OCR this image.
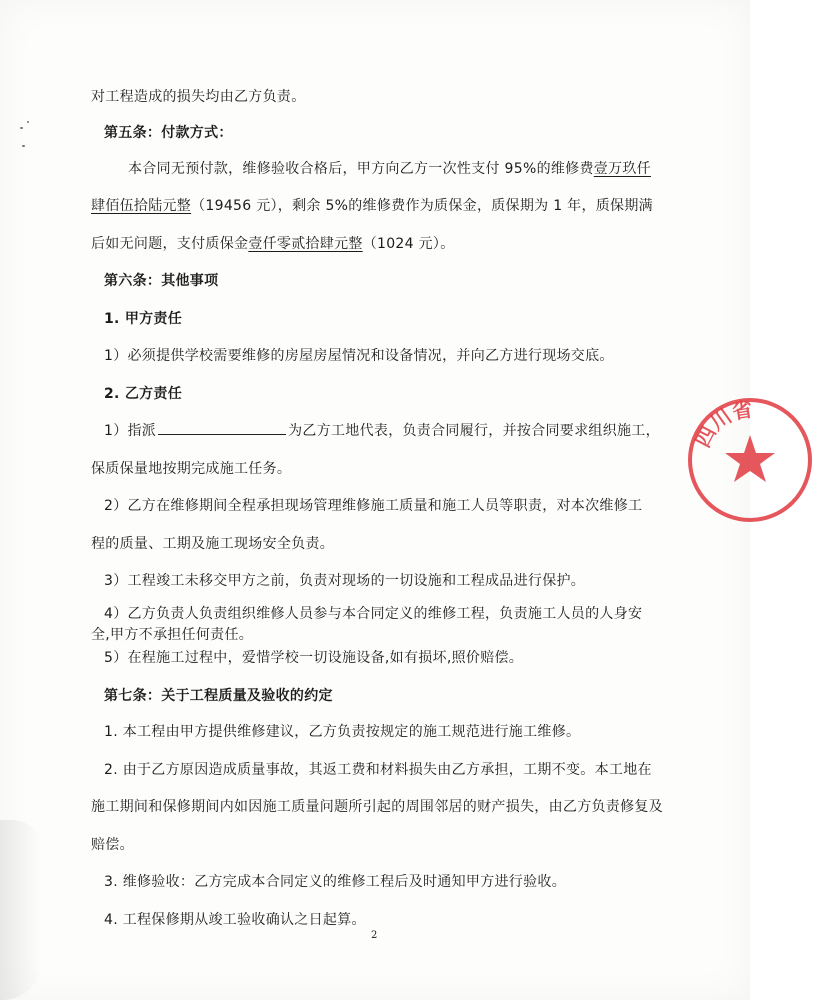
四川省
对工程造成的损失均由乙方负责。
第五条：付款方式：
本合同无预付款，维修验收合格后，甲方向乙方一次性支付 95%的维修费壹万玖仟
肆佰伍拾陆元整（19456 元），剩余 5%的维修费作为质保金，质保期为 1 年，质保期满
后如无问题，支付质保金壹仟零贰拾肆元整（1024 元）。
第六条：其他事项
1. 甲方责任
1）必须提供学校需要维修的房屋房屋情况和设备情况，并向乙方进行现场交底。
2. 乙方责任
1）指派	为乙方工地代表，负责合同履行，并按合同要求组织施工，
保质保量地按期完成施工任务。
2）乙方在维修期间全程承担现场管理维修施工质量和施工人员等职责，对本次维修工
程的质量、工期及施工现场安全负责。
3）工程竣工未移交甲方之前，负责对现场的一切设施和工程成品进行保护。
4）乙方负责人负责组织维修人员参与本合同定义的维修工程，负责施工人员的人身安
全,甲方不承担任何责任。
5）在程施工过程中，爱惜学校一切设施设备,如有损坏,照价赔偿。
第七条：关于工程质量及验收的约定
1. 本工程由甲方提供维修建议，乙方负责按规定的施工规范进行施工维修。
2. 由于乙方原因造成质量事故，其返工费和材料损失由乙方承担，工期不变。本工地在
施工期间和保修期间内如因施工质量问题所引起的周围邻居的财产损失，由乙方负责修复及
赔偿。
3. 维修验收：乙方完成本合同定义的维修工程后及时通知甲方进行验收。
4. 工程保修期从竣工验收确认之日起算。
2
